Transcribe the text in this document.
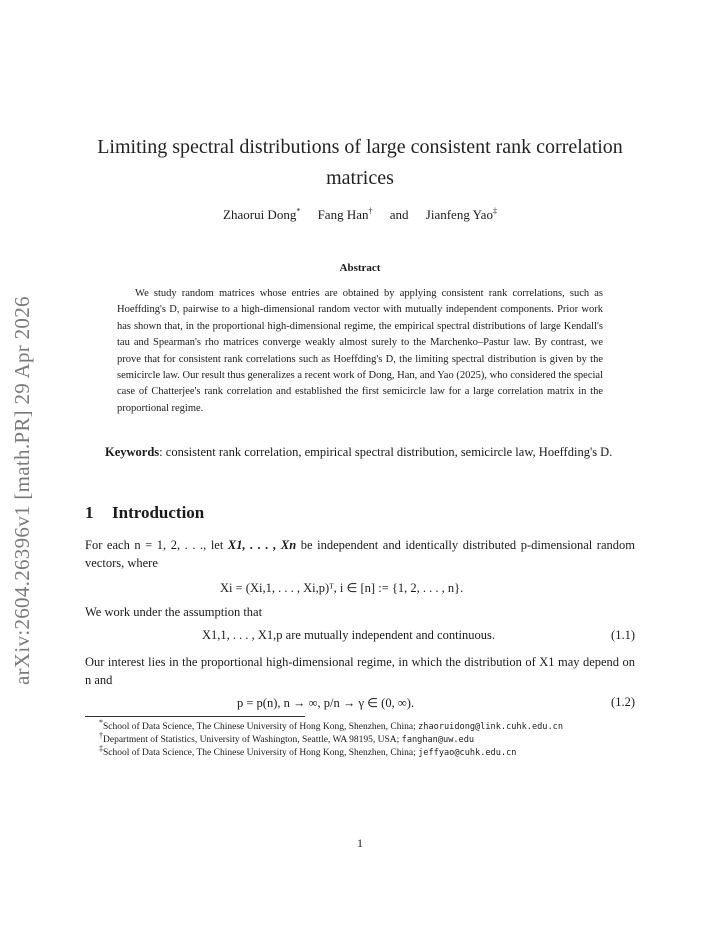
arXiv:2604.26396v1 [math.PR] 29 Apr 2026
Limiting spectral distributions of large consistent rank correlation matrices
Zhaorui Dong* Fang Han† and Jianfeng Yao‡
Abstract
We study random matrices whose entries are obtained by applying consistent rank correlations, such as Hoeffding's D, pairwise to a high-dimensional random vector with mutually independent components. Prior work has shown that, in the proportional high-dimensional regime, the empirical spectral distributions of large Kendall's tau and Spearman's rho matrices converge weakly almost surely to the Marchenko–Pastur law. By contrast, we prove that for consistent rank correlations such as Hoeffding's D, the limiting spectral distribution is given by the semicircle law. Our result thus generalizes a recent work of Dong, Han, and Yao (2025), who considered the special case of Chatterjee's rank correlation and established the first semicircle law for a large correlation matrix in the proportional regime.
Keywords: consistent rank correlation, empirical spectral distribution, semicircle law, Hoeffding's D.
1 Introduction
For each n = 1, 2, . . ., let X1, . . . , Xn be independent and identically distributed p-dimensional random vectors, where
Xi = (Xi,1, . . . , Xi,p)ᵀ, i ∈ [n] := {1, 2, . . . , n}.
We work under the assumption that
X1,1, . . . , X1,p are mutually independent and continuous.	(1.1)
Our interest lies in the proportional high-dimensional regime, in which the distribution of X1 may depend on n and
p = p(n), n → ∞, p/n → γ ∈ (0, ∞).	(1.2)
*School of Data Science, The Chinese University of Hong Kong, Shenzhen, China; zhaoruidong@link.cuhk.edu.cn
†Department of Statistics, University of Washington, Seattle, WA 98195, USA; fanghan@uw.edu
‡School of Data Science, The Chinese University of Hong Kong, Shenzhen, China; jeffyao@cuhk.edu.cn
1
